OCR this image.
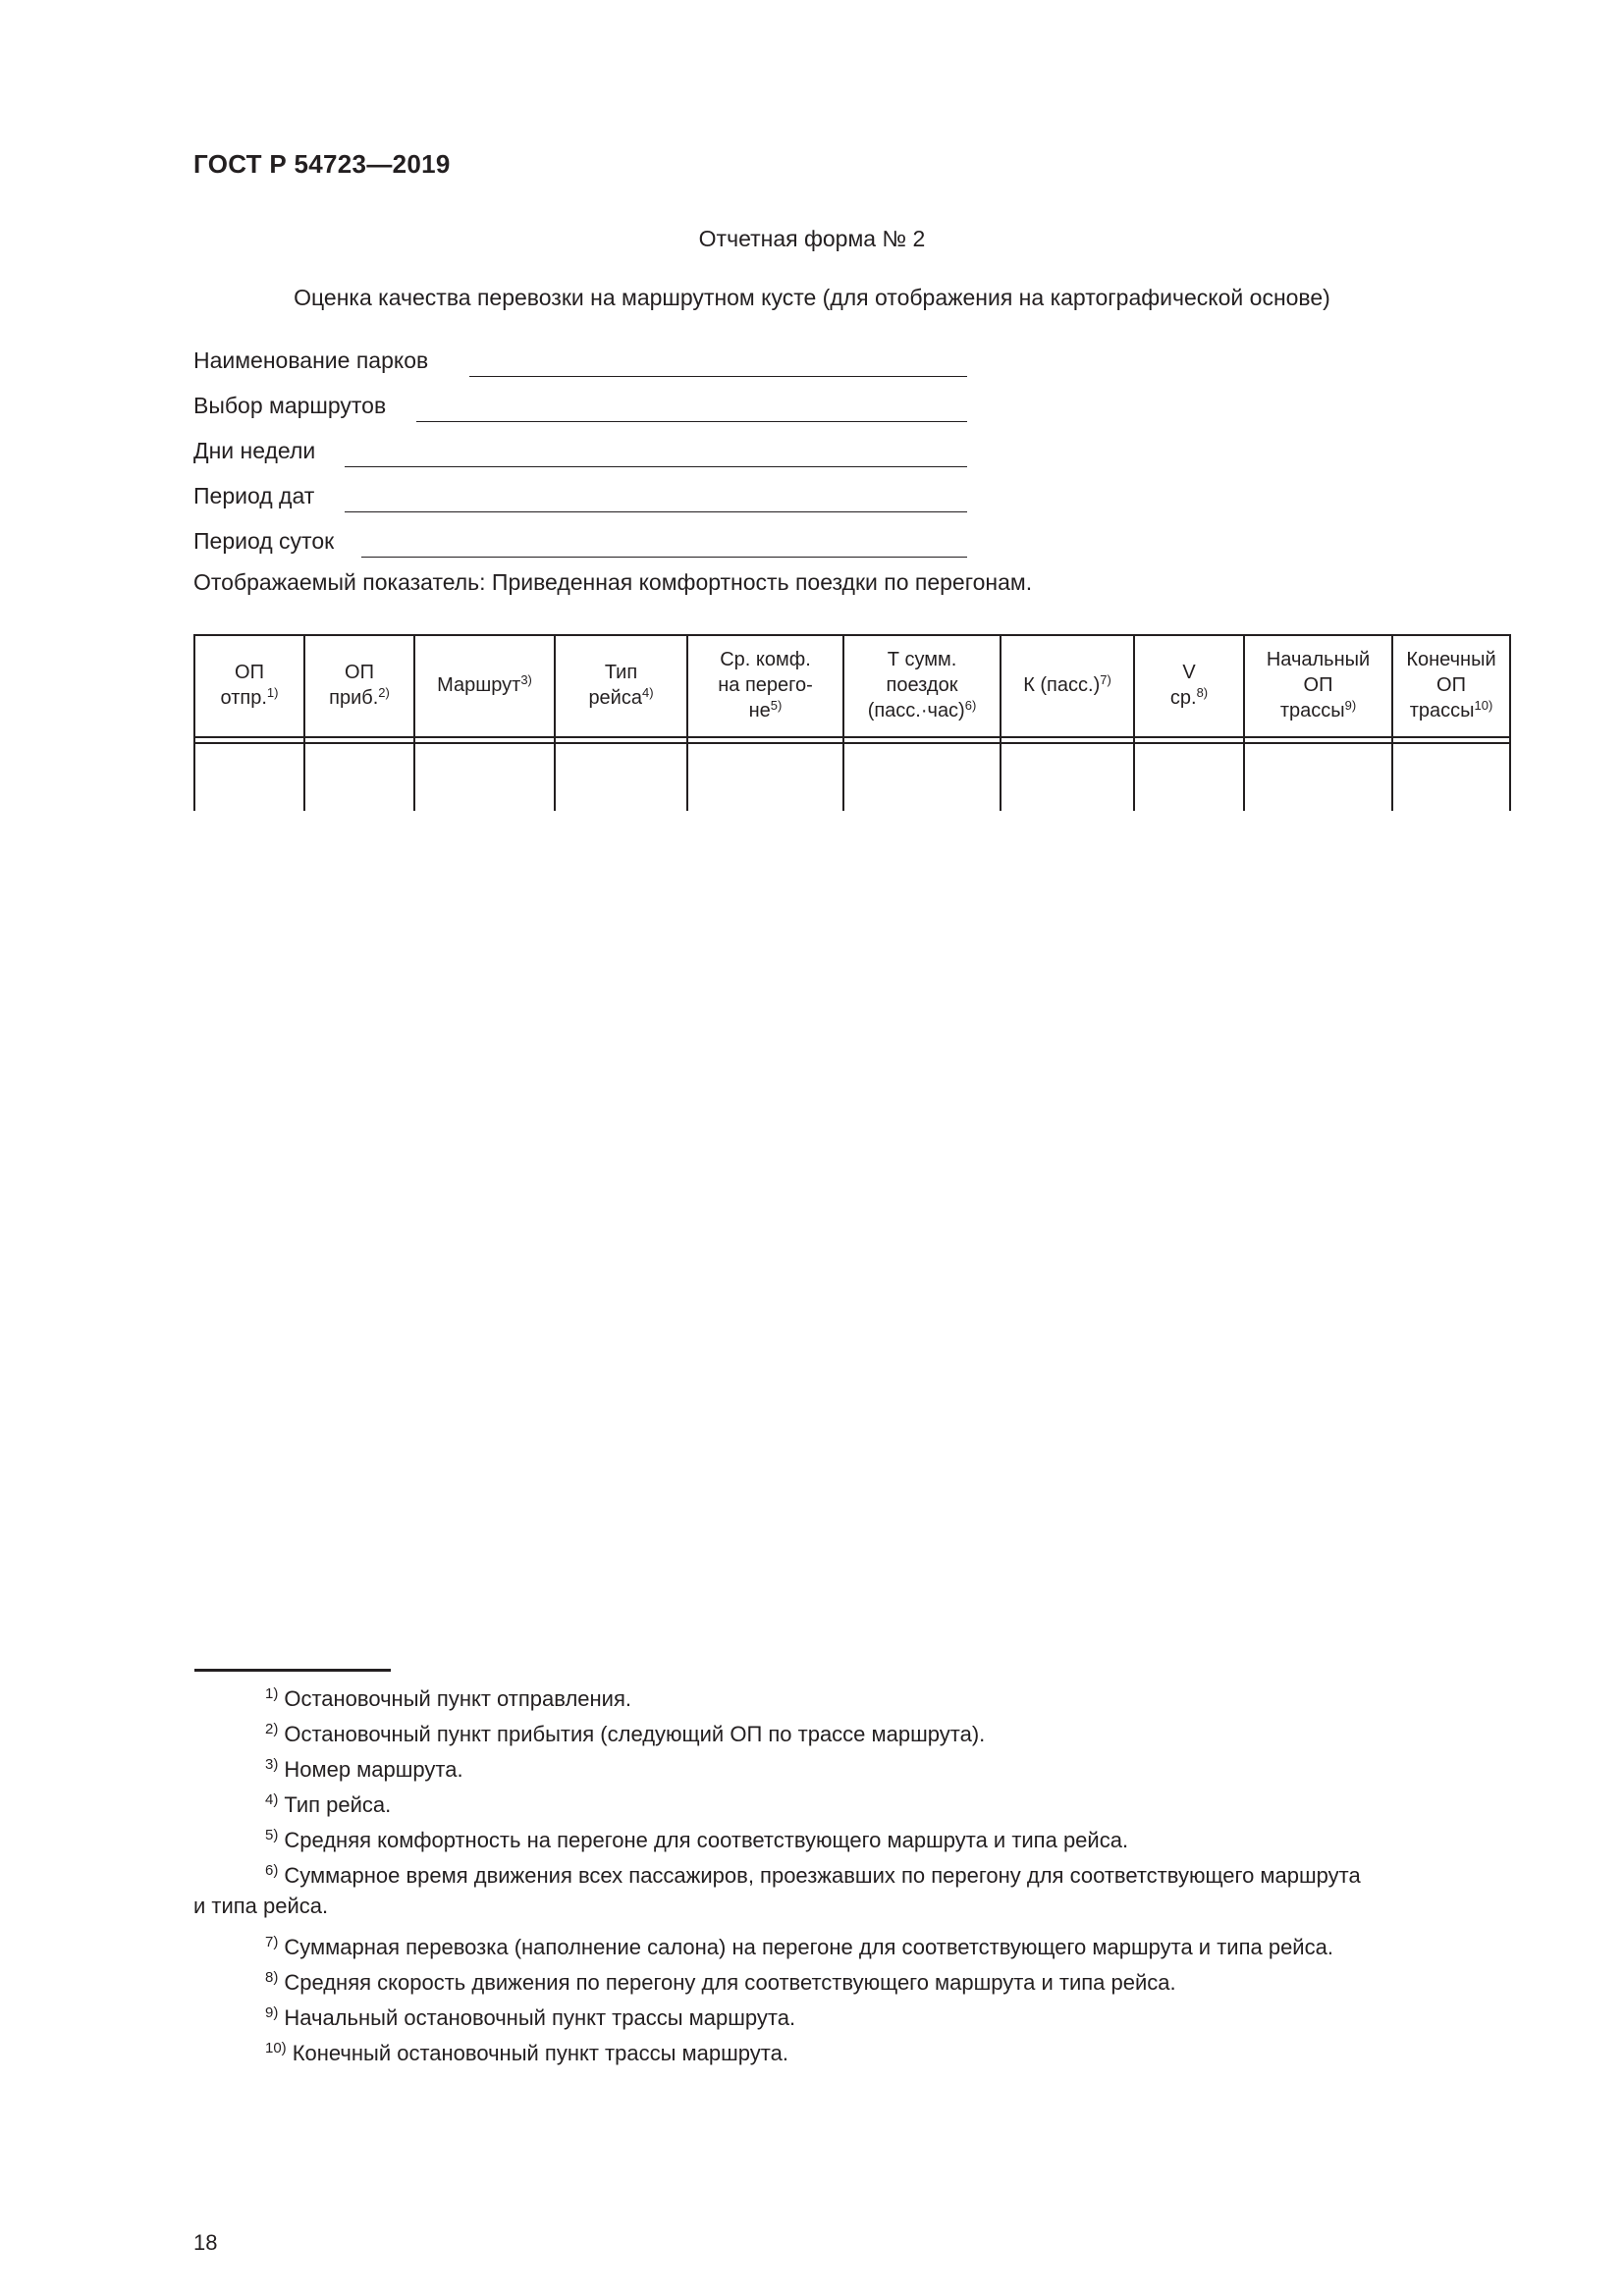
ГОСТ Р 54723—2019
Отчетная форма № 2
Оценка качества перевозки на маршрутном кусте (для отображения на картографической основе)
Наименование парков
Выбор маршрутов
Дни недели
Период дат
Период суток
Отображаемый показатель: Приведенная комфортность поездки по перегонам.
ОП
отпр.$^{1)}$
ОП
приб.$^{2)}$ Маршрут$^{3)}$	Тип
рейса$^{4)}$
Ср. комф.
на перего-
$не^{5)}$
Т сумм.
поездок
(пасс.·час)$^{6)}$
К (пасс.)$^{7)}$	V
ср.$^{8)}$
Начальный
ОП
трассы$^{9)}$
Конечный
ОП
трассы$^{10)}$
$^{1)}$ Остановочный пункт отправления.
$^{2)}$ Остановочный пункт прибытия (следующий ОП по трассе маршрута).
$^{3)}$ Номер маршрута.
$^{4)}$ Тип рейса.
$^{5)}$ Средняя комфортность на перегоне для соответствующего маршрута и типа рейса.
$^{6)}$ Суммарное время движения всех пассажиров, проезжавших по перегону для соответствующего маршрута
и типа рейса.
$^{7)}$ Суммарная перевозка (наполнение салона) на перегоне для соответствующего маршрута и типа рейса.
$^{8)}$ Средняя скорость движения по перегону для соответствующего маршрута и типа рейса.
$^{9)}$ Начальный остановочный пункт трассы маршрута.
$^{10)}$ Конечный остановочный пункт трассы маршрута.
18
